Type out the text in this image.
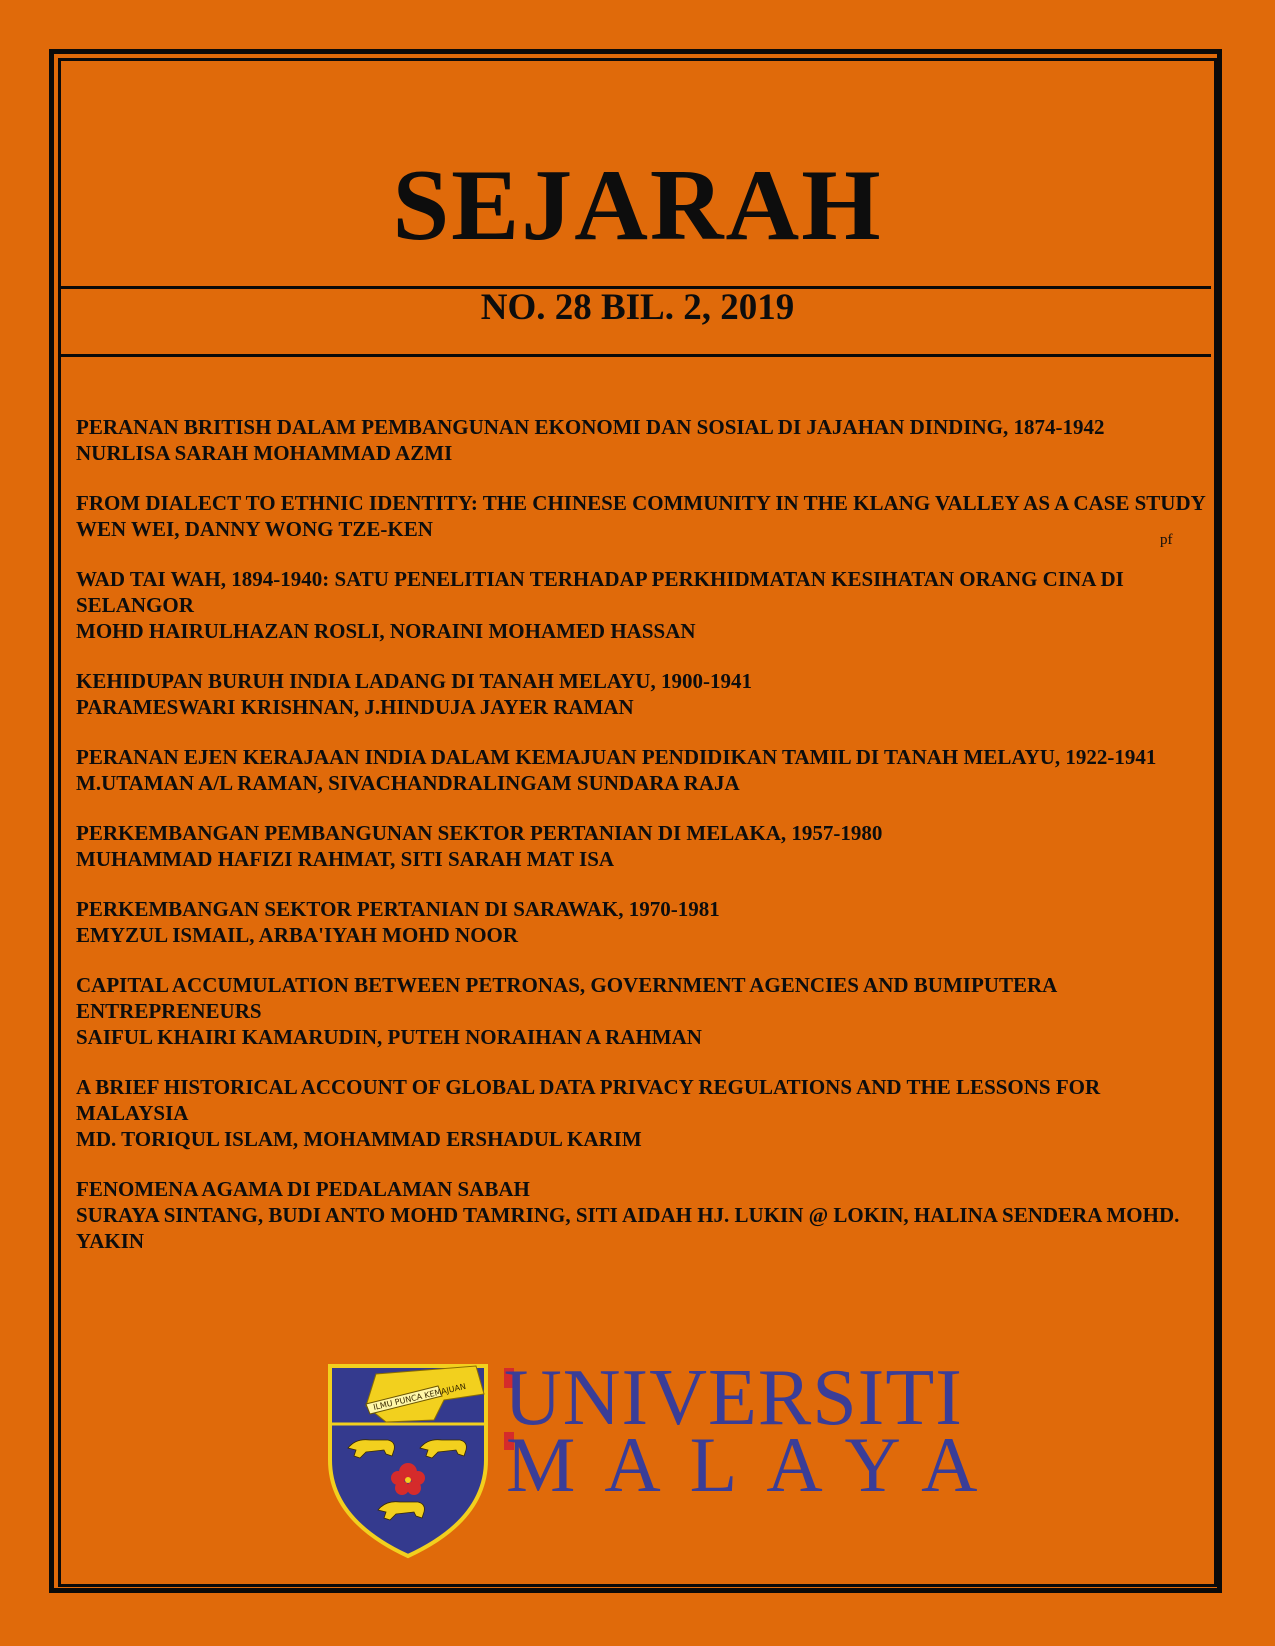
SEJARAH
NO. 28 BIL. 2, 2019
PERANAN BRITISH DALAM PEMBANGUNAN EKONOMI DAN SOSIAL DI JAJAHAN DINDING, 1874-1942
NURLISA SARAH MOHAMMAD AZMI
FROM DIALECT TO ETHNIC IDENTITY: THE CHINESE COMMUNITY IN THE KLANG VALLEY AS A CASE STUDY
WEN WEI, DANNY WONG TZE-KEN
WAD TAI WAH, 1894-1940: SATU PENELITIAN TERHADAP PERKHIDMATAN KESIHATAN ORANG CINA DI SELANGOR
MOHD HAIRULHAZAN ROSLI, NORAINI MOHAMED HASSAN
KEHIDUPAN BURUH INDIA LADANG DI TANAH MELAYU, 1900-1941
PARAMESWARI KRISHNAN, J.HINDUJA JAYER RAMAN
PERANAN EJEN KERAJAAN INDIA DALAM KEMAJUAN PENDIDIKAN TAMIL DI TANAH MELAYU, 1922-1941
M.UTAMAN A/L RAMAN, SIVACHANDRALINGAM SUNDARA RAJA
PERKEMBANGAN PEMBANGUNAN SEKTOR PERTANIAN DI MELAKA, 1957-1980
MUHAMMAD HAFIZI RAHMAT, SITI SARAH MAT ISA
PERKEMBANGAN SEKTOR PERTANIAN DI SARAWAK, 1970-1981
EMYZUL ISMAIL, ARBA'IYAH MOHD NOOR
CAPITAL ACCUMULATION BETWEEN PETRONAS, GOVERNMENT AGENCIES AND BUMIPUTERA ENTREPRENEURS
SAIFUL KHAIRI KAMARUDIN, PUTEH NORAIHAN A RAHMAN
A BRIEF HISTORICAL ACCOUNT OF GLOBAL DATA PRIVACY REGULATIONS AND THE LESSONS FOR MALAYSIA
MD. TORIQUL ISLAM, MOHAMMAD ERSHADUL KARIM
FENOMENA AGAMA DI PEDALAMAN SABAH
SURAYA SINTANG, BUDI ANTO MOHD TAMRING, SITI AIDAH HJ. LUKIN @ LOKIN, HALINA SENDERA MOHD. YAKIN
pf
ILMU PUNCA KEMAJUAN UNIVERSITI
MALAYA
